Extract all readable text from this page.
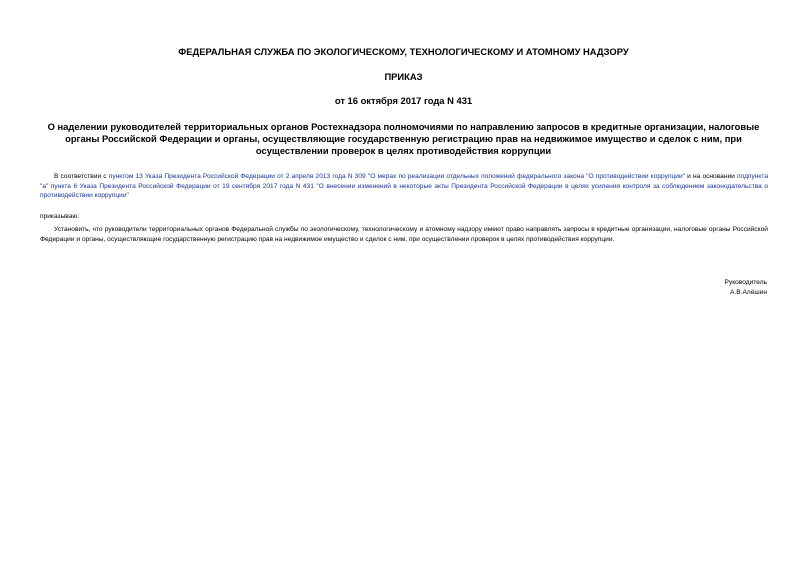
ФЕДЕРАЛЬНАЯ СЛУЖБА ПО ЭКОЛОГИЧЕСКОМУ, ТЕХНОЛОГИЧЕСКОМУ И АТОМНОМУ НАДЗОРУ
ПРИКАЗ
от 16 октября 2017 года N 431
О наделении руководителей территориальных органов Ростехнадзора полномочиями по направлению запросов в кредитные организации, налоговые органы Российской Федерации и органы, осуществляющие государственную регистрацию прав на недвижимое имущество и сделок с ним, при осуществлении проверок в целях противодействия коррупции
В соответствии с пунктом 13 Указа Президента Российской Федерации от 2 апреля 2013 года N 309 "О мерах по реализации отдельных положений федерального закона "О противодействии коррупции" и на основании подпункта "а" пункта 6 Указа Президента Российской Федерации от 19 сентября 2017 года N 431 "О внесении изменений в некоторые акты Президента Российской Федерации в целях усиления контроля за соблюдением законодательства о противодействии коррупции"
приказываю:
Установить, что руководители территориальных органов Федеральной службы по экологическому, технологическому и атомному надзору имеют право направлять запросы в кредитные организации, налоговые органы Российской Федерации и органы, осуществляющие государственную регистрацию прав на недвижимое имущество и сделок с ним, при осуществлении проверок в целях противодействия коррупции.
Руководитель
А.В.Алёшин
